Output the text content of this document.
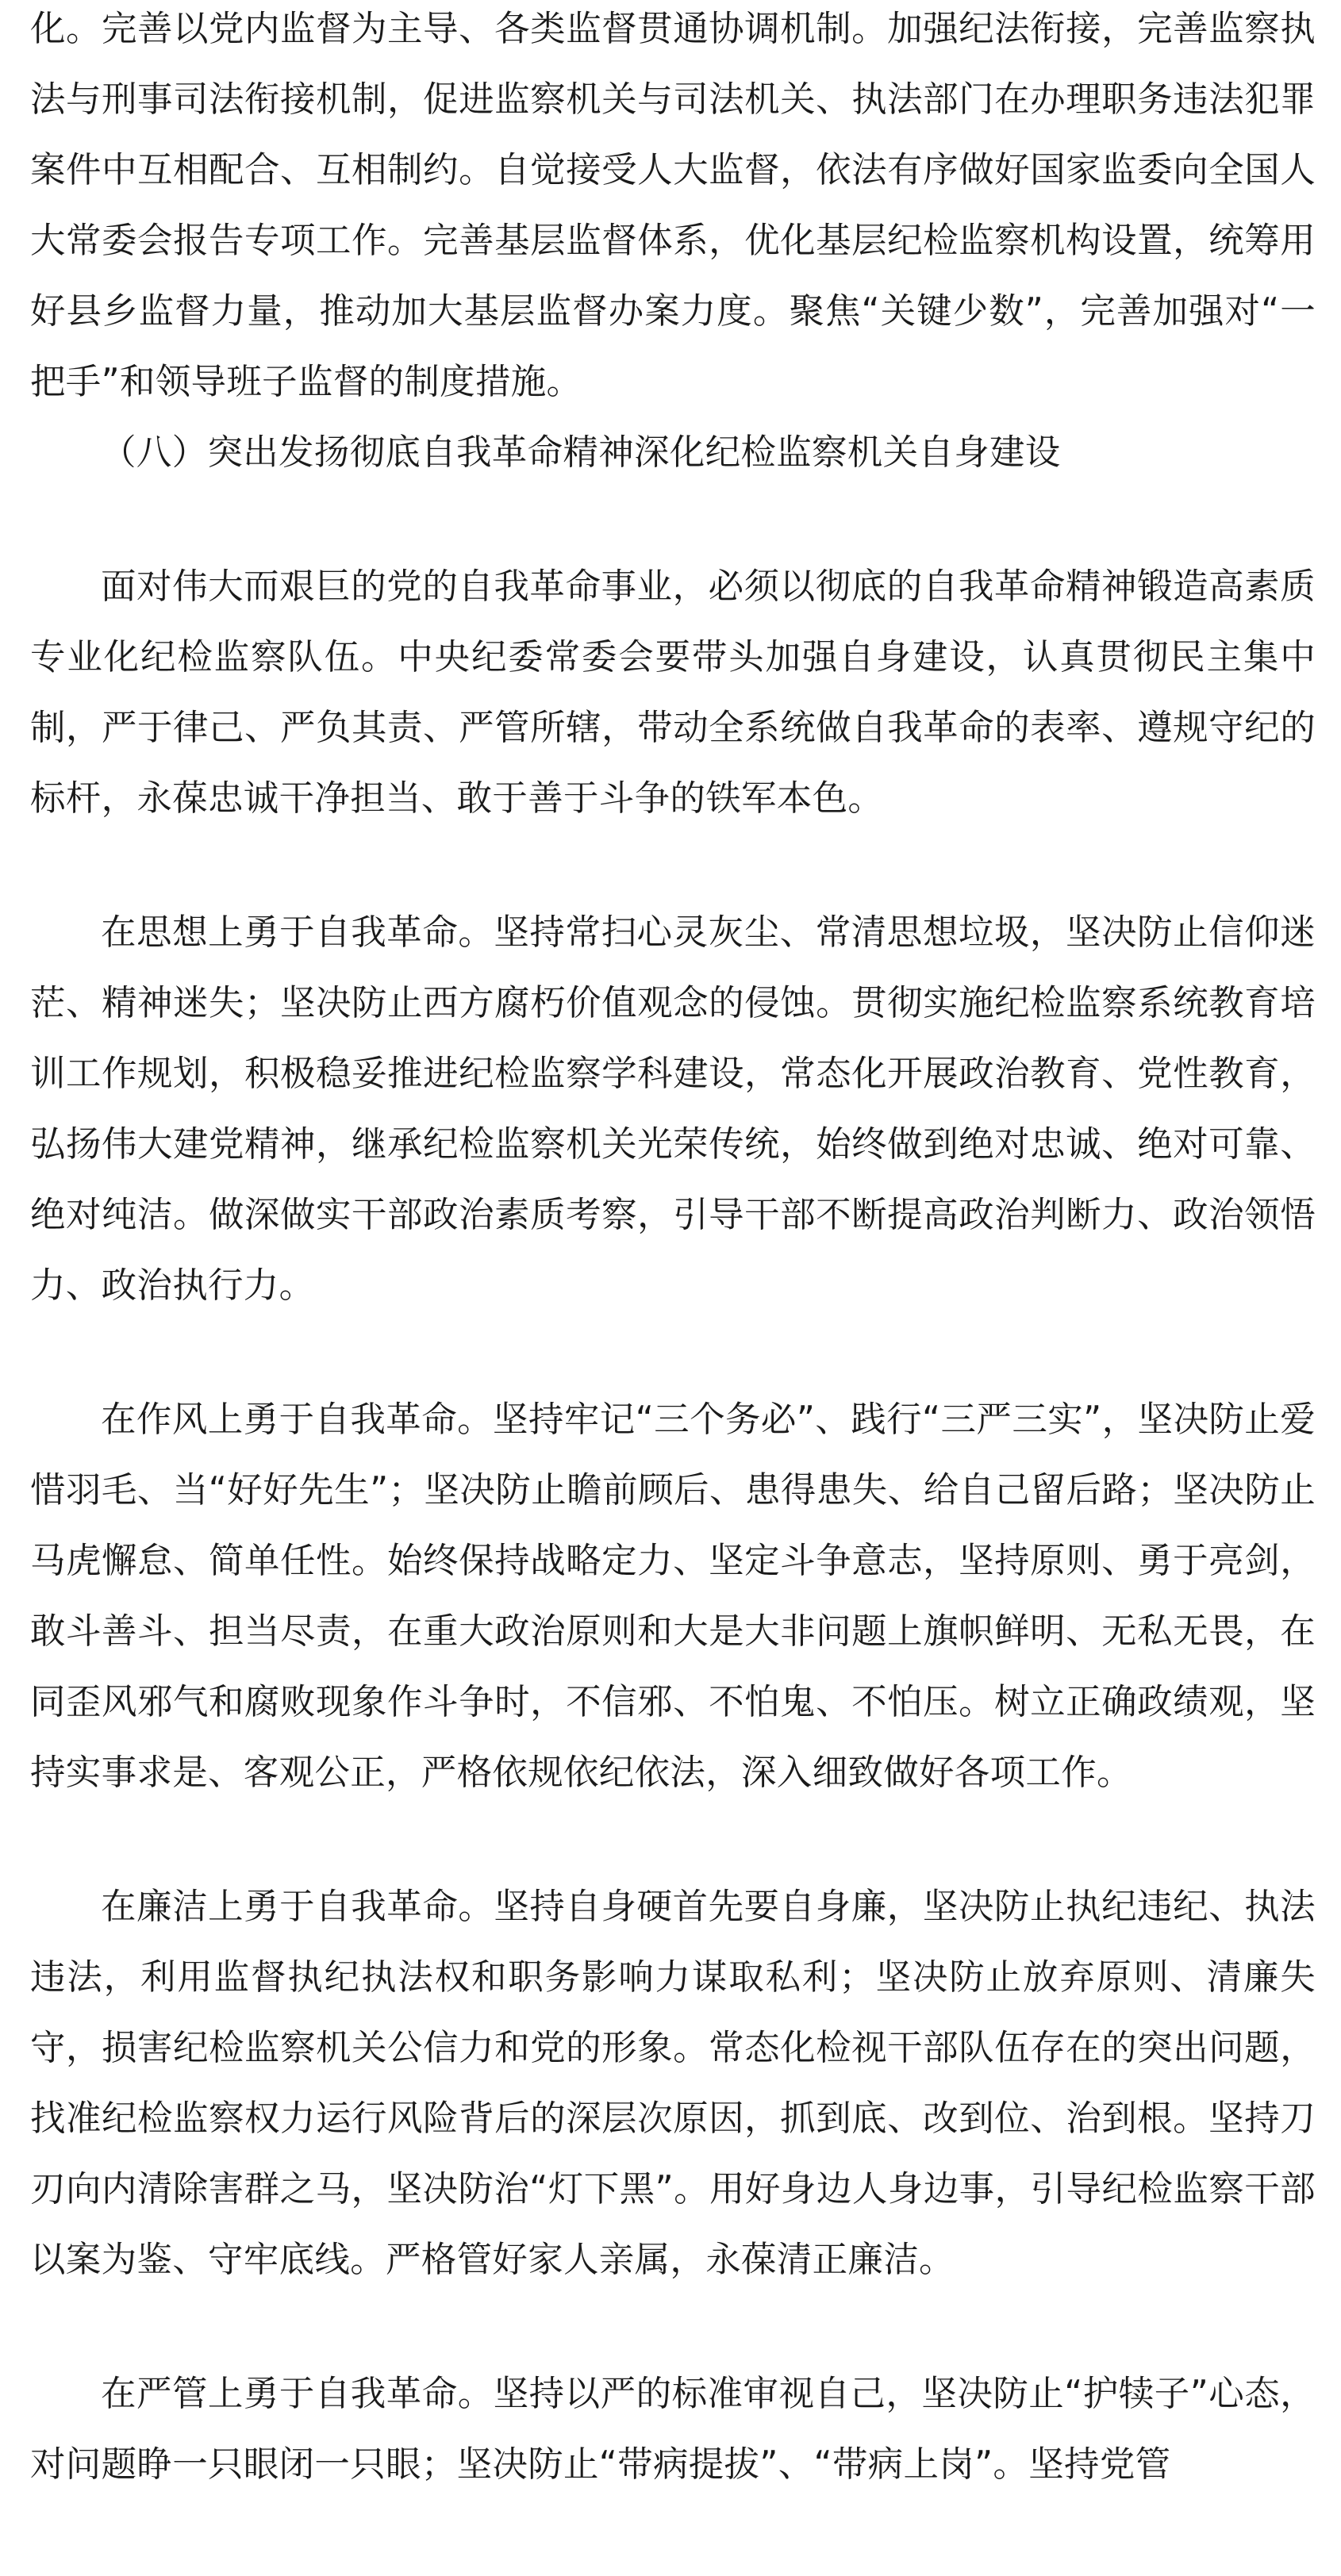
化。完善以党内监督为主导、各类监督贯通协调机制。加强纪法衔接，完善监察执法与刑事司法衔接机制，促进监察机关与司法机关、执法部门在办理职务违法犯罪案件中互相配合、互相制约。自觉接受人大监督，依法有序做好国家监委向全国人大常委会报告专项工作。完善基层监督体系，优化基层纪检监察机构设置，统筹用好县乡监督力量，推动加大基层监督办案力度。聚焦“关键少数”，完善加强对“一把手”和领导班子监督的制度措施。

（八）突出发扬彻底自我革命精神深化纪检监察机关自身建设

面对伟大而艰巨的党的自我革命事业，必须以彻底的自我革命精神锻造高素质专业化纪检监察队伍。中央纪委常委会要带头加强自身建设，认真贯彻民主集中制，严于律己、严负其责、严管所辖，带动全系统做自我革命的表率、遵规守纪的标杆，永葆忠诚干净担当、敢于善于斗争的铁军本色。

在思想上勇于自我革命。坚持常扫心灵灰尘、常清思想垃圾，坚决防止信仰迷茫、精神迷失；坚决防止西方腐朽价值观念的侵蚀。贯彻实施纪检监察系统教育培训工作规划，积极稳妥推进纪检监察学科建设，常态化开展政治教育、党性教育，弘扬伟大建党精神，继承纪检监察机关光荣传统，始终做到绝对忠诚、绝对可靠、绝对纯洁。做深做实干部政治素质考察，引导干部不断提高政治判断力、政治领悟力、政治执行力。

在作风上勇于自我革命。坚持牢记“三个务必”、践行“三严三实”，坚决防止爱惜羽毛、当“好好先生”；坚决防止瞻前顾后、患得患失、给自己留后路；坚决防止马虎懈怠、简单任性。始终保持战略定力、坚定斗争意志，坚持原则、勇于亮剑，敢斗善斗、担当尽责，在重大政治原则和大是大非问题上旗帜鲜明、无私无畏，在同歪风邪气和腐败现象作斗争时，不信邪、不怕鬼、不怕压。树立正确政绩观，坚持实事求是、客观公正，严格依规依纪依法，深入细致做好各项工作。

在廉洁上勇于自我革命。坚持自身硬首先要自身廉，坚决防止执纪违纪、执法违法，利用监督执纪执法权和职务影响力谋取私利；坚决防止放弃原则、清廉失守，损害纪检监察机关公信力和党的形象。常态化检视干部队伍存在的突出问题，找准纪检监察权力运行风险背后的深层次原因，抓到底、改到位、治到根。坚持刀刃向内清除害群之马，坚决防治“灯下黑”。用好身边人身边事，引导纪检监察干部以案为鉴、守牢底线。严格管好家人亲属，永葆清正廉洁。

在严管上勇于自我革命。坚持以严的标准审视自己，坚决防止“护犊子”心态，对问题睁一只眼闭一只眼；坚决防止“带病提拔”、“带病上岗”。坚持党管
